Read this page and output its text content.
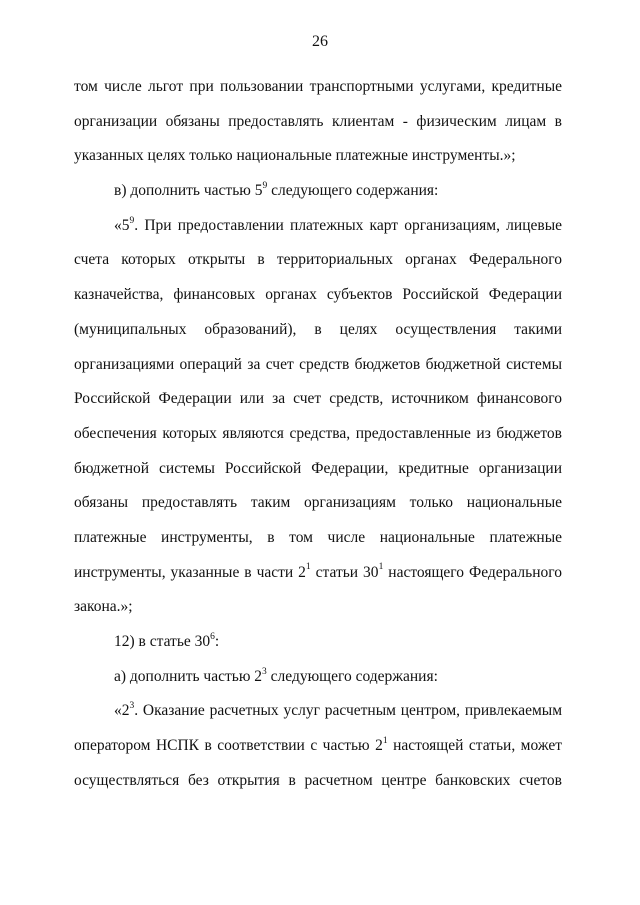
26
том числе льгот при пользовании транспортными услугами, кредитные
организации обязаны предоставлять клиентам - физическим лицам в
указанных целях только национальные платежные инструменты.»;
в) дополнить частью $5^9$ следующего содержания:
«$5^9$. При предоставлении платежных карт организациям, лицевые
счета которых открыты в территориальных органах Федерального
казначейства, финансовых органах субъектов Российской Федерации
(муниципальных образований), в целях осуществления такими
организациями операций за счет средств бюджетов бюджетной системы
Российской Федерации или за счет средств, источником финансового
обеспечения которых являются средства, предоставленные из бюджетов
бюджетной системы Российской Федерации, кредитные организации
обязаны предоставлять таким организациям только национальные
платежные инструменты, в том числе национальные платежные
инструменты, указанные в части $2^1$ статьи $30^1$ настоящего Федерального
закона.»;
12) в статье $30^6$:
а) дополнить частью $2^3$ следующего содержания:
«$2^3$. Оказание расчетных услуг расчетным центром, привлекаемым
оператором НСПК в соответствии с частью $2^1$ настоящей статьи, может
осуществляться без открытия в расчетном центре банковских счетов
